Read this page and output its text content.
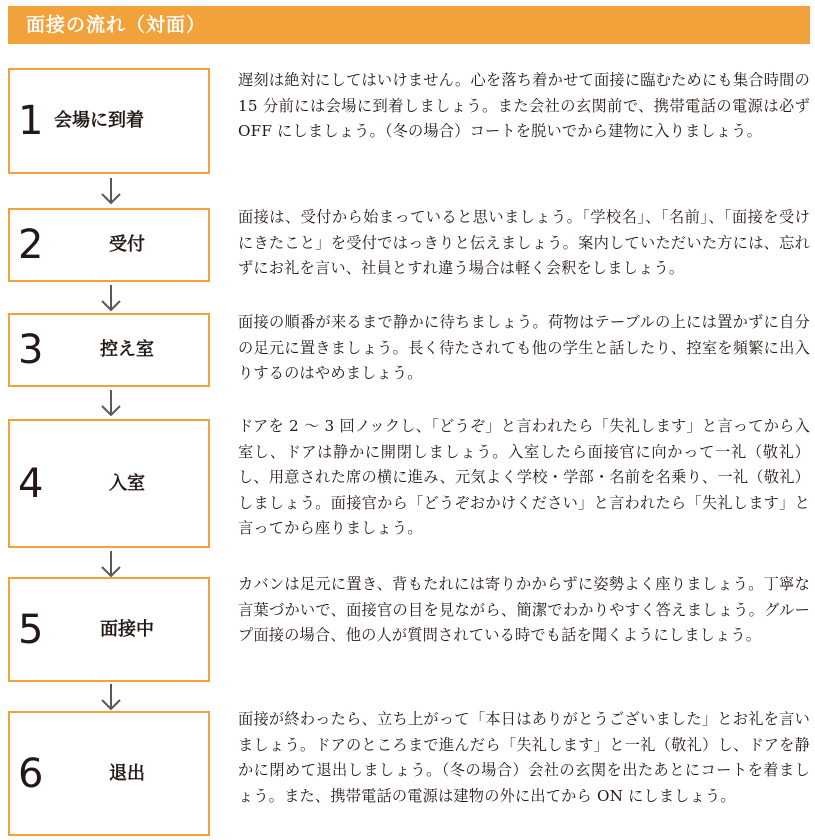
面接の流れ（対面）
1 会場に到着
遅刻は絶対にしてはいけません。心を落ち着かせて面接に臨むためにも集合時間の 15 分前には会場に到着しましょう。また会社の玄関前で、携帯電話の電源は必ず OFF にしましょう。（冬の場合）コートを脱いでから建物に入りましょう。
2	受付
面接は、受付から始まっていると思いましょう。「学校名」、「名前」、「面接を受けにきたこと」を受付ではっきりと伝えましょう。案内していただいた方には、忘れずにお礼を言い、社員とすれ違う場合は軽く会釈をしましょう。
3	控え室
面接の順番が来るまで静かに待ちましょう。荷物はテーブルの上には置かずに自分の足元に置きましょう。長く待たされても他の学生と話したり、控室を頻繁に出入りするのはやめましょう。
4	入室
ドアを 2 ～ 3 回ノックし、「どうぞ」と言われたら「失礼します」と言ってから入室し、ドアは静かに開閉しましょう。入室したら面接官に向かって一礼（敬礼）し、用意された席の横に進み、元気よく学校・学部・名前を名乗り、一礼（敬礼）しましょう。面接官から「どうぞおかけください」と言われたら「失礼します」と言ってから座りましょう。
5	面接中
カバンは足元に置き、背もたれには寄りかからずに姿勢よく座りましょう。丁寧な言葉づかいで、面接官の目を見ながら、簡潔でわかりやすく答えましょう。グループ面接の場合、他の人が質問されている時でも話を聞くようにしましょう。
6	退出
面接が終わったら、立ち上がって「本日はありがとうございました」とお礼を言いましょう。ドアのところまで進んだら「失礼します」と一礼（敬礼）し、ドアを静かに閉めて退出しましょう。（冬の場合）会社の玄関を出たあとにコートを着ましょう。また、携帯電話の電源は建物の外に出てから ON にしましょう。
